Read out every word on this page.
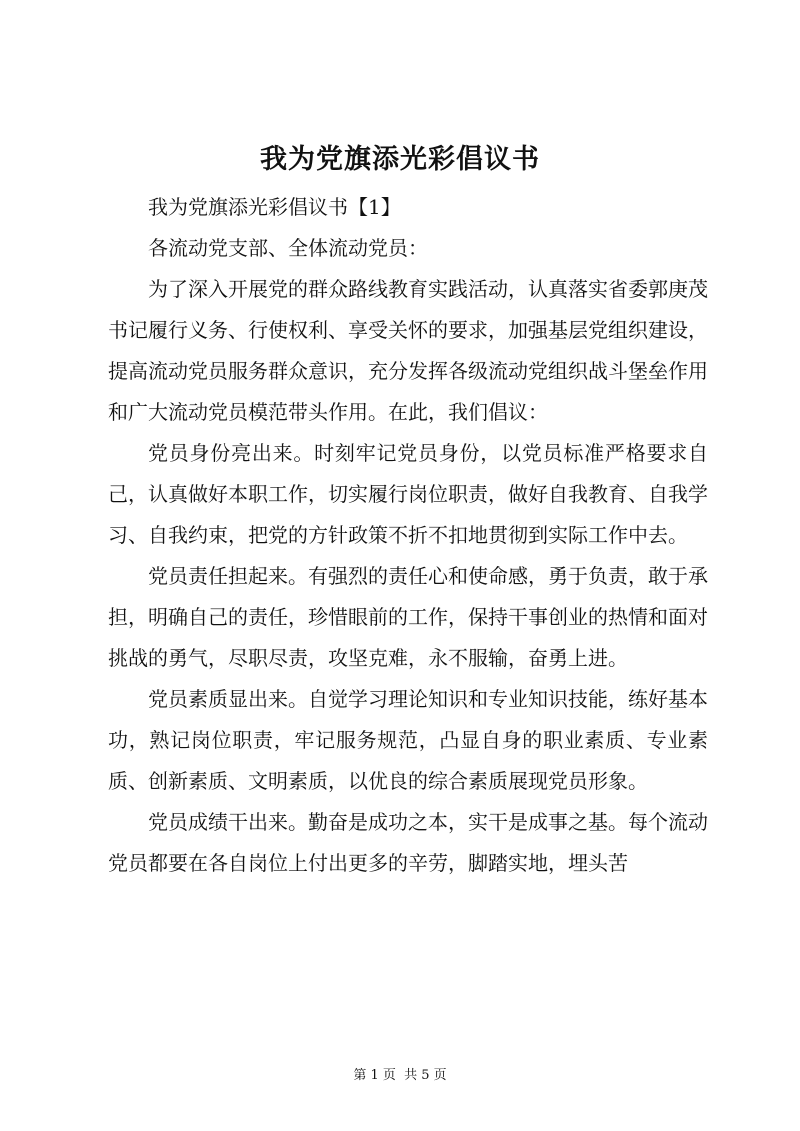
我为党旗添光彩倡议书

我为党旗添光彩倡议书【1】

各流动党支部、全体流动党员：

为了深入开展党的群众路线教育实践活动，认真落实省委郭庚茂书记履行义务、行使权利、享受关怀的要求，加强基层党组织建设，提高流动党员服务群众意识，充分发挥各级流动党组织战斗堡垒作用和广大流动党员模范带头作用。在此，我们倡议：

党员身份亮出来。时刻牢记党员身份，以党员标准严格要求自己，认真做好本职工作，切实履行岗位职责，做好自我教育、自我学习、自我约束，把党的方针政策不折不扣地贯彻到实际工作中去。

党员责任担起来。有强烈的责任心和使命感，勇于负责，敢于承担，明确自己的责任，珍惜眼前的工作，保持干事创业的热情和面对挑战的勇气，尽职尽责，攻坚克难，永不服输，奋勇上进。

党员素质显出来。自觉学习理论知识和专业知识技能，练好基本功，熟记岗位职责，牢记服务规范，凸显自身的职业素质、专业素质、创新素质、文明素质，以优良的综合素质展现党员形象。

党员成绩干出来。勤奋是成功之本，实干是成事之基。每个流动党员都要在各自岗位上付出更多的辛劳，脚踏实地，埋头苦

第 1 页  共 5 页
